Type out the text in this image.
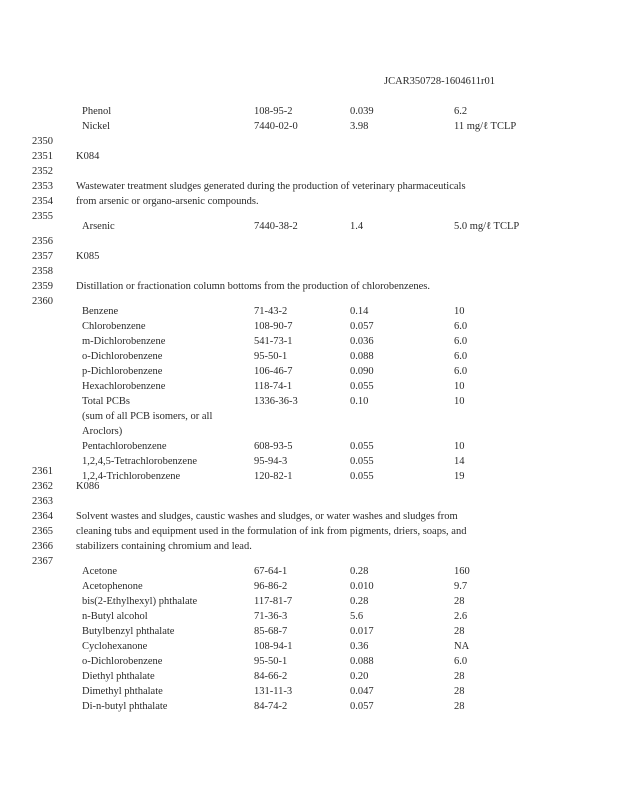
JCAR350728-1604611r01
2350
2351
2352
2353
2354
2355
2356
2357
2358
2359
2360
2361
2362
2363
2364
2365
2366
2367
Phenol	108-95-2	0.039	6.2
Nickel	7440-02-0	3.98	11 mg/ℓ TCLP
K084
Wastewater treatment sludges generated during the production of veterinary pharmaceuticals
from arsenic or organo-arsenic compounds.
Arsenic	7440-38-2	1.4	5.0 mg/ℓ TCLP
K085
Distillation or fractionation column bottoms from the production of chlorobenzenes.
Benzene	71-43-2	0.14	10
Chlorobenzene	108-90-7	0.057	6.0
m-Dichlorobenzene	541-73-1	0.036	6.0
o-Dichlorobenzene	95-50-1	0.088	6.0
p-Dichlorobenzene	106-46-7	0.090	6.0
Hexachlorobenzene	118-74-1	0.055	10
Total PCBs	1336-36-3	0.10	10
(sum of all PCB isomers, or all
Aroclors)
Pentachlorobenzene	608-93-5	0.055	10
1,2,4,5-Tetrachlorobenzene	95-94-3	0.055	14
1,2,4-Trichlorobenzene	120-82-1	0.055	19
K086
Solvent wastes and sludges, caustic washes and sludges, or water washes and sludges from
cleaning tubs and equipment used in the formulation of ink from pigments, driers, soaps, and
stabilizers containing chromium and lead.
Acetone	67-64-1	0.28	160
Acetophenone	96-86-2	0.010	9.7
bis(2-Ethylhexyl) phthalate	117-81-7	0.28	28
n-Butyl alcohol	71-36-3	5.6	2.6
Butylbenzyl phthalate	85-68-7	0.017	28
Cyclohexanone	108-94-1	0.36	NA
o-Dichlorobenzene	95-50-1	0.088	6.0
Diethyl phthalate	84-66-2	0.20	28
Dimethyl phthalate	131-11-3	0.047	28
Di-n-butyl phthalate	84-74-2	0.057	28
